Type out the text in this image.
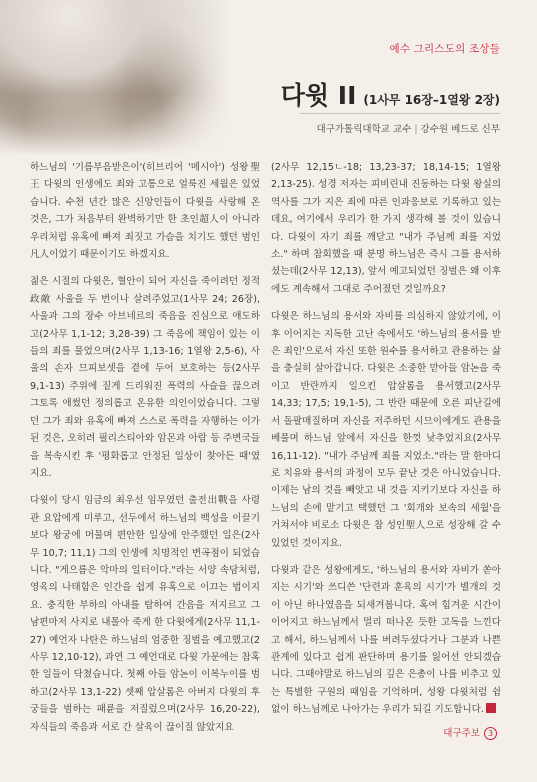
예수 그리스도의 조상들
다윗 II (1사무 16장–1열왕 2장)
대구가톨릭대학교 교수 | 강수원 베드로 신부

하느님의 '기름부음받은이'(히브리어 '메시아') 성왕聖王 다윗의 인생에도 죄와 고통으로 얼룩진 세월은 있었습니다. 수천 년간 많은 신앙인들이 다윗을 사랑해 온 것은, 그가 처음부터 완벽하기만 한 초인超人이 아니라 우리처럼 유혹에 빠져 죄짓고 가슴을 치기도 했던 범인凡人이었기 때문이기도 하겠지요.

젊은 시절의 다윗은, 혈안이 되어 자신을 죽이려던 정적政敵 사울을 두 번이나 살려주었고(1사무 24; 26장), 사울과 그의 장수 아브네르의 죽음을 진심으로 애도하고(2사무 1,1-12; 3,28-39) 그 죽음에 책임이 있는 이들의 죄를 물었으며(2사무 1,13-16; 1열왕 2,5-6), 사울의 손자 므피보셋을 곁에 두어 보호하는 등(2사무 9,1-13) 주위에 짙게 드리워진 폭력의 사슬을 끊으려 그토록 애썼던 정의롭고 온유한 의인이었습니다. 그렇던 그가 죄와 유혹에 빠져 스스로 폭력을 자행하는 이가 된 것은, 오히려 필리스티아와 암몬과 아람 등 주변국들을 복속시킨 후 '평화롭고 안정된 일상이 찾아든 때'였지요.

다윗이 당시 임금의 최우선 임무였던 출전出戰을 사령관 요압에게 미루고, 선두에서 하느님의 백성을 이끌기보다 왕궁에 머물며 편안한 일상에 안주했던 일은(2사무 10,7; 11,1) 그의 인생에 치명적인 변곡점이 되었습니다. "게으름은 악마의 일터이다."라는 서양 속담처럼, 영육의 나태함은 인간을 쉽게 유혹으로 이끄는 법이지요. 충직한 부하의 아내를 탐하여 간음을 저지르고 그 남편마저 사지로 내몰아 죽게 한 다윗에게(2사무 11,1-27) 예언자 나탄은 하느님의 엄중한 징벌을 예고했고(2사무 12,10-12), 과연 그 예언대로 다윗 가문에는 참혹한 일들이 닥쳤습니다. 첫째 아들 암논이 이복누이를 범하고(2사무 13,1-22) 셋째 압살롬은 아버지 다윗의 후궁들을 범하는 패륜을 저질렀으며(2사무 16,20-22), 자식들의 죽음과 서로 간 살육이 끊이질 않았지요

(2사무 12,15ㄴ-18; 13,23-37; 18,14-15; 1열왕 2,13-25). 성경 저자는 피비린내 진동하는 다윗 왕실의 역사를 그가 지은 죄에 따른 인과응보로 기록하고 있는데요, 여기에서 우리가 한 가지 생각해 볼 것이 있습니다. 다윗이 자기 죄를 깨닫고 "내가 주님께 죄를 지었소." 하며 참회했을 때 분명 하느님은 즉시 그를 용서하셨는데(2사무 12,13), 앞서 예고되었던 징벌은 왜 이후에도 계속해서 그대로 주어졌던 것일까요?

다윗은 하느님의 용서와 자비를 의심하지 않았기에, 이후 이어지는 지독한 고난 속에서도 '하느님의 용서를 받은 죄인'으로서 자신 또한 원수를 용서하고 관용하는 삶을 충실히 살아갑니다. 다윗은 소중한 맏아들 암논을 죽이고 반란까지 일으킨 압살롬을 용서했고(2사무 14,33; 17,5; 19,1-5), 그 반란 때문에 오른 피난길에서 돌팔매질하며 자신을 저주하던 시므이에게도 관용을 베풀며 하느님 앞에서 자신을 한껏 낮추었지요(2사무 16,11-12). "내가 주님께 죄를 지었소."라는 말 한마디로 치유와 용서의 과정이 모두 끝난 것은 아니었습니다. 이제는 남의 것을 빼앗고 내 것을 지키기보다 자신을 하느님의 손에 맡기고 택했던 그 '회개와 보속의 세월'을 거쳐서야 비로소 다윗은 참 성인聖人으로 성장해 갈 수 있었던 것이지요.

다윗과 같은 성왕에게도, '하느님의 용서와 자비가 쏟아지는 시기'와 쓰디쓴 '단련과 훈육의 시기'가 별개의 것이 아닌 하나였음을 되새겨봅니다. 혹여 힘겨운 시간이 이어지고 하느님께서 멀리 떠나온 듯한 고독을 느낀다고 해서, 하느님께서 나를 버려두셨다거나 그분과 나쁜 관계에 있다고 쉽게 판단하며 용기를 잃어선 안되겠습니다. 그때야말로 하느님의 깊은 은총이 나를 비추고 있는 특별한 구원의 때임을 기억하며, 성왕 다윗처럼 쉼 없이 하느님께로 나아가는 우리가 되길 기도합니다.

대구주보 3
